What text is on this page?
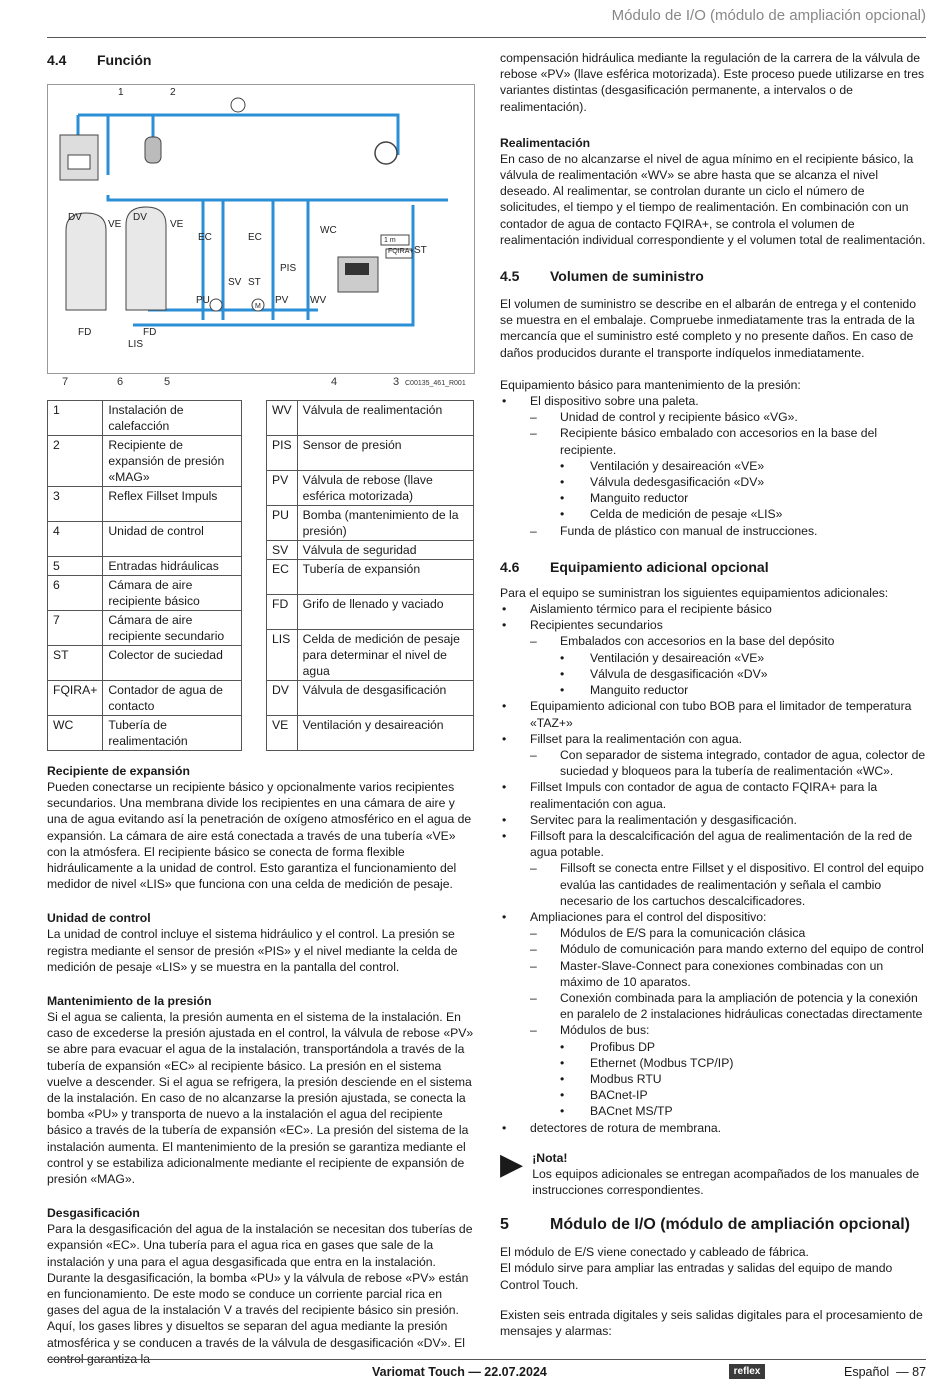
Módulo de I/O (módulo de ampliación opcional)
4.4	Función
1	2
DV
VE
DV
VE
EC	EC
WC
PIS
SV ST
PU	PV WV
FD	FD
LIS
FQIRA+ ST
M
1 m
7	6	5	4	3 C00135_461_R001
1	Instalación de calefacción
2	Recipiente de expansión de presión «MAG»
3	Reflex Fillset Impuls
4	Unidad de control
5	Entradas hidráulicas
6	Cámara de aire recipiente básico
7	Cámara de aire recipiente secundario
ST	Colector de suciedad
FQIRA+	Contador de agua de contacto
WC	Tubería de realimentación
WV	Válvula de realimentación
PIS	Sensor de presión
PV	Válvula de rebose (llave esférica motorizada)
PU	Bomba (mantenimiento de la presión)
SV	Válvula de seguridad
EC	Tubería de expansión
FD	Grifo de llenado y vaciado
LIS	Celda de medición de pesaje para determinar el nivel de agua
DV	Válvula de desgasificación
VE	Ventilación y desaireación
Recipiente de expansión

Pueden conectarse un recipiente básico y opcionalmente varios recipientes secundarios. Una membrana divide los recipientes en una cámara de aire y una de agua evitando así la penetración de oxígeno atmosférico en el agua de expansión. La cámara de aire está conectada a través de una tubería «VE» con la atmósfera. El recipiente básico se conecta de forma flexible hidráulicamente a la unidad de control. Esto garantiza el funcionamiento del medidor de nivel «LIS» que funciona con una celda de medición de pesaje.

Unidad de control

La unidad de control incluye el sistema hidráulico y el control. La presión se registra mediante el sensor de presión «PIS» y el nivel mediante la celda de medición de pesaje «LIS» y se muestra en la pantalla del control.

Mantenimiento de la presión

Si el agua se calienta, la presión aumenta en el sistema de la instalación. En caso de excederse la presión ajustada en el control, la válvula de rebose «PV» se abre para evacuar el agua de la instalación, transportándola a través de la tubería de expansión «EC» al recipiente básico. La presión en el sistema vuelve a descender. Si el agua se refrigera, la presión desciende en el sistema de la instalación. En caso de no alcanzarse la presión ajustada, se conecta la bomba «PU» y transporta de nuevo a la instalación el agua del recipiente básico a través de la tubería de expansión «EC». La presión del sistema de la instalación aumenta. El mantenimiento de la presión se garantiza mediante el control y se estabiliza adicionalmente mediante el recipiente de expansión de presión «MAG».

Desgasificación

Para la desgasificación del agua de la instalación se necesitan dos tuberías de expansión «EC». Una tubería para el agua rica en gases que sale de la instalación y una para el agua desgasificada que entra en la instalación. Durante la desgasificación, la bomba «PU» y la válvula de rebose «PV» están en funcionamiento. De este modo se conduce un corriente parcial rica en gases del agua de la instalación V a través del recipiente básico sin presión. Aquí, los gases libres y disueltos se separan del agua mediante la presión atmosférica y se conducen a través de la válvula de desgasificación «DV». El control garantiza la

compensación hidráulica mediante la regulación de la carrera de la válvula de rebose «PV» (llave esférica motorizada). Este proceso puede utilizarse en tres variantes distintas (desgasificación permanente, a intervalos o de realimentación).

Realimentación

En caso de no alcanzarse el nivel de agua mínimo en el recipiente básico, la válvula de realimentación «WV» se abre hasta que se alcanza el nivel deseado. Al realimentar, se controlan durante un ciclo el número de solicitudes, el tiempo y el tiempo de realimentación. En combinación con un contador de agua de contacto FQIRA+, se controla el volumen de realimentación individual correspondiente y el volumen total de realimentación.

4.5	Volumen de suministro

El volumen de suministro se describe en el albarán de entrega y el contenido se muestra en el embalaje. Compruebe inmediatamente tras la entrada de la mercancía que el suministro esté completo y no presente daños. En caso de daños producidos durante el transporte indíquelos inmediatamente.

Equipamiento básico para mantenimiento de la presión:

• El dispositivo sobre una paleta.
– Unidad de control y recipiente básico «VG».
– Recipiente básico embalado con accesorios en la base del recipiente.
• Ventilación y desaireación «VE»
• Válvula dedesgasificación «DV»
• Manguito reductor
• Celda de medición de pesaje «LIS»
– Funda de plástico con manual de instrucciones.
4.6	Equipamiento adicional opcional

Para el equipo se suministran los siguientes equipamientos adicionales:

• Aislamiento térmico para el recipiente básico
• Recipientes secundarios
– Embalados con accesorios en la base del depósito
• Ventilación y desaireación «VE»
• Válvula de desgasificación «DV»
• Manguito reductor
• Equipamiento adicional con tubo BOB para el limitador de temperatura «TAZ+»
• Fillset para la realimentación con agua.
– Con separador de sistema integrado, contador de agua, colector de suciedad y bloqueos para la tubería de realimentación «WC».
• Fillset Impuls con contador de agua de contacto FQIRA+ para la realimentación con agua.
• Servitec para la realimentación y desgasificación.
• Fillsoft para la descalcificación del agua de realimentación de la red de agua potable.
– Fillsoft se conecta entre Fillset y el dispositivo. El control del equipo evalúa las cantidades de realimentación y señala el cambio necesario de los cartuchos descalcificadores.
• Ampliaciones para el control del dispositivo:
– Módulos de E/S para la comunicación clásica
– Módulo de comunicación para mando externo del equipo de control
– Master-Slave-Connect para conexiones combinadas con un máximo de 10 aparatos.
– Conexión combinada para la ampliación de potencia y la conexión en paralelo de 2 instalaciones hidráulicas conectadas directamente
– Módulos de bus:
• Profibus DP
• Ethernet (Modbus TCP/IP)
• Modbus RTU
• BACnet-IP
• BACnet MS/TP
• detectores de rotura de membrana.
▶ ¡Nota!

Los equipos adicionales se entregan acompañados de los manuales de instrucciones correspondientes.

5	Módulo de I/O (módulo de ampliación opcional)

El módulo de E/S viene conectado y cableado de fábrica.

El módulo sirve para ampliar las entradas y salidas del equipo de mando Control Touch.

Existen seis entrada digitales y seis salidas digitales para el procesamiento de mensajes y alarmas:

Variomat Touch — 22.07.2024	reflex	Español  — 87
